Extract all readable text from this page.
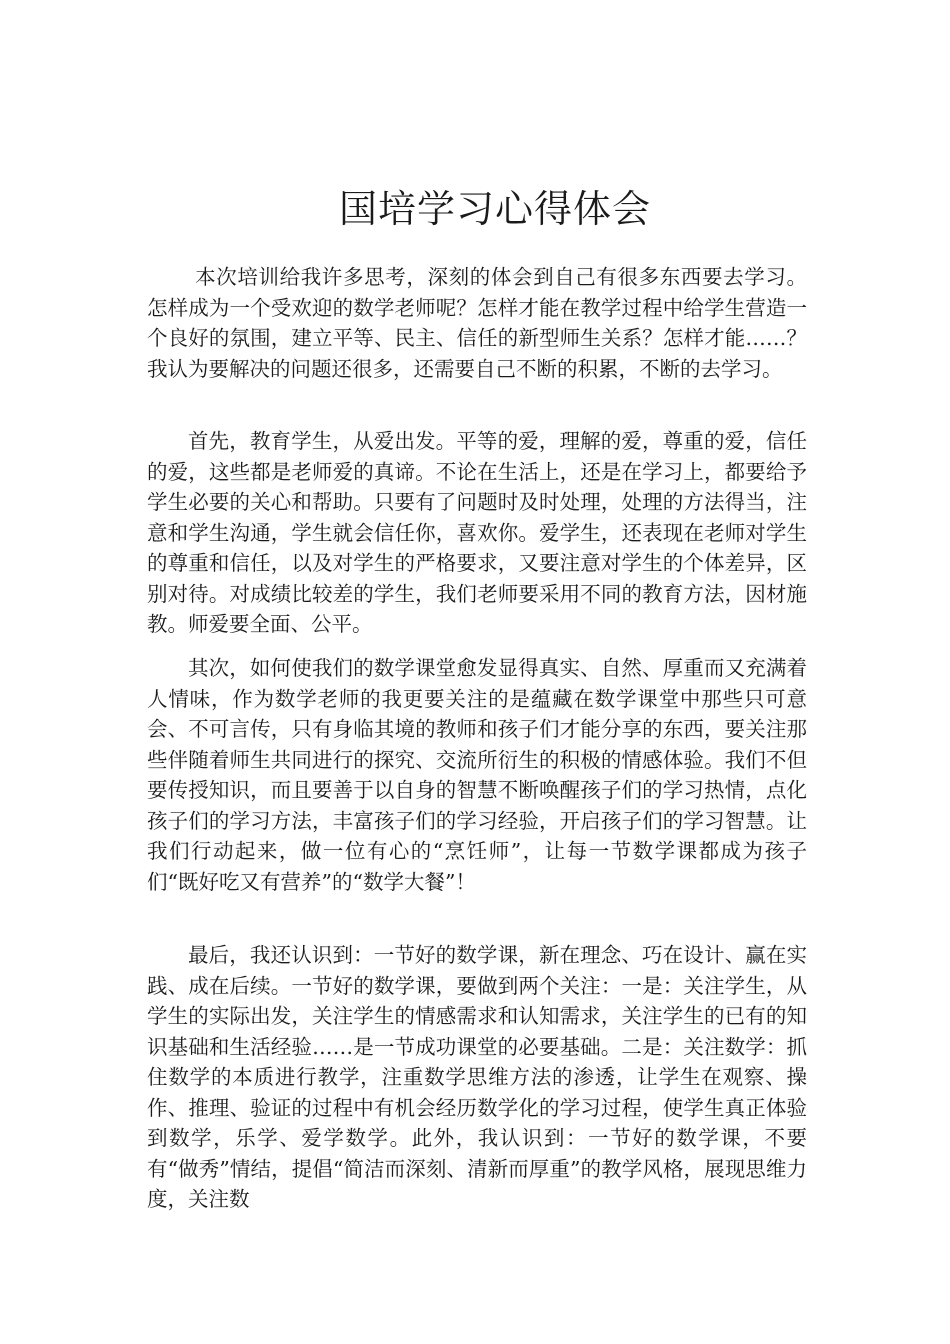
国培学习心得体会

本次培训给我许多思考，深刻的体会到自己有很多东西要去学习。怎样成为一个受欢迎的数学老师呢？怎样才能在教学过程中给学生营造一个良好的氛围，建立平等、民主、信任的新型师生关系？怎样才能……？我认为要解决的问题还很多，还需要自己不断的积累，不断的去学习。

首先，教育学生，从爱出发。平等的爱，理解的爱，尊重的爱，信任的爱，这些都是老师爱的真谛。不论在生活上，还是在学习上，都要给予学生必要的关心和帮助。只要有了问题时及时处理，处理的方法得当，注意和学生沟通，学生就会信任你，喜欢你。爱学生，还表现在老师对学生的尊重和信任，以及对学生的严格要求，又要注意对学生的个体差异，区别对待。对成绩比较差的学生，我们老师要采用不同的教育方法，因材施教。师爱要全面、公平。

其次，如何使我们的数学课堂愈发显得真实、自然、厚重而又充满着人情味，作为数学老师的我更要关注的是蕴藏在数学课堂中那些只可意会、不可言传，只有身临其境的教师和孩子们才能分享的东西，要关注那些伴随着师生共同进行的探究、交流所衍生的积极的情感体验。我们不但要传授知识，而且要善于以自身的智慧不断唤醒孩子们的学习热情，点化孩子们的学习方法，丰富孩子们的学习经验，开启孩子们的学习智慧。让我们行动起来，做一位有心的“烹饪师”，让每一节数学课都成为孩子们“既好吃又有营养”的“数学大餐”！

最后，我还认识到：一节好的数学课，新在理念、巧在设计、赢在实践、成在后续。一节好的数学课，要做到两个关注：一是：关注学生，从学生的实际出发，关注学生的情感需求和认知需求，关注学生的已有的知识基础和生活经验……是一节成功课堂的必要基础。二是：关注数学：抓住数学的本质进行教学，注重数学思维方法的渗透，让学生在观察、操作、推理、验证的过程中有机会经历数学化的学习过程，使学生真正体验到数学，乐学、爱学数学。此外，我认识到：一节好的数学课，不要有“做秀”情结，提倡“简洁而深刻、清新而厚重”的教学风格，展现思维力度，关注数
